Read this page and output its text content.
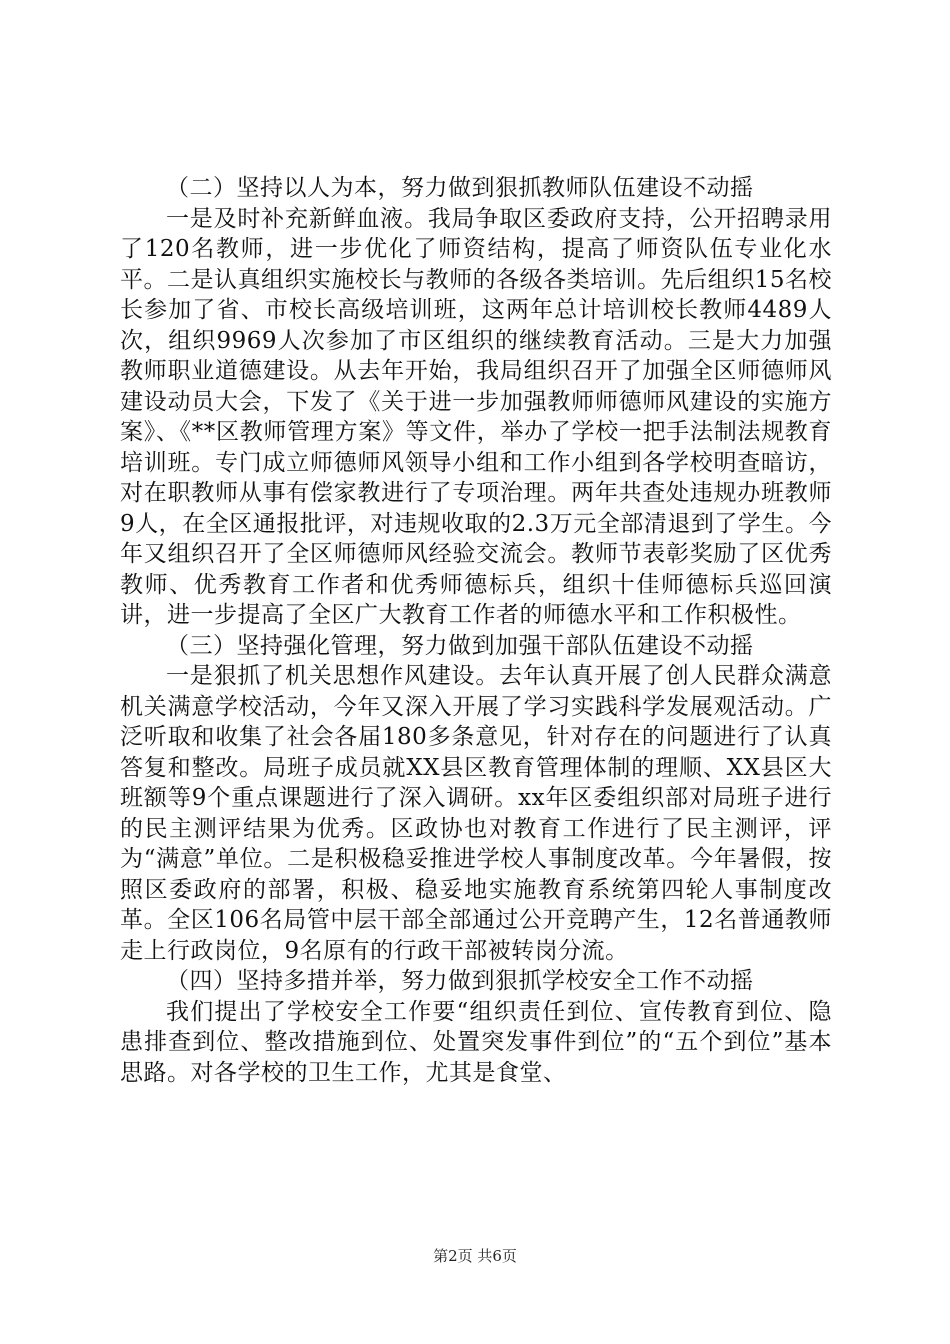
（二）坚持以人为本，努力做到狠抓教师队伍建设不动摇

一是及时补充新鲜血液。我局争取区委政府支持，公开招聘录用了120名教师，进一步优化了师资结构，提高了师资队伍专业化水平。二是认真组织实施校长与教师的各级各类培训。先后组织15名校长参加了省、市校长高级培训班，这两年总计培训校长教师4489人次，组织9969人次参加了市区组织的继续教育活动。三是大力加强教师职业道德建设。从去年开始，我局组织召开了加强全区师德师风建设动员大会，下发了《关于进一步加强教师师德师风建设的实施方案》、《**区教师管理方案》等文件，举办了学校一把手法制法规教育培训班。专门成立师德师风领导小组和工作小组到各学校明查暗访，对在职教师从事有偿家教进行了专项治理。两年共查处违规办班教师9人，在全区通报批评，对违规收取的2.3万元全部清退到了学生。今年又组织召开了全区师德师风经验交流会。教师节表彰奖励了区优秀教师、优秀教育工作者和优秀师德标兵，组织十佳师德标兵巡回演讲，进一步提高了全区广大教育工作者的师德水平和工作积极性。

（三）坚持强化管理，努力做到加强干部队伍建设不动摇

一是狠抓了机关思想作风建设。去年认真开展了创人民群众满意机关满意学校活动，今年又深入开展了学习实践科学发展观活动。广泛听取和收集了社会各届180多条意见，针对存在的问题进行了认真答复和整改。局班子成员就XX县区教育管理体制的理顺、XX县区大班额等9个重点课题进行了深入调研。xx年区委组织部对局班子进行的民主测评结果为优秀。区政协也对教育工作进行了民主测评，评为“满意”单位。二是积极稳妥推进学校人事制度改革。今年暑假，按照区委政府的部署，积极、稳妥地实施教育系统第四轮人事制度改革。全区106名局管中层干部全部通过公开竞聘产生，12名普通教师走上行政岗位，9名原有的行政干部被转岗分流。

（四）坚持多措并举，努力做到狠抓学校安全工作不动摇

我们提出了学校安全工作要“组织责任到位、宣传教育到位、隐患排查到位、整改措施到位、处置突发事件到位”的“五个到位”基本思路。对各学校的卫生工作，尤其是食堂、

第2页 共6页
